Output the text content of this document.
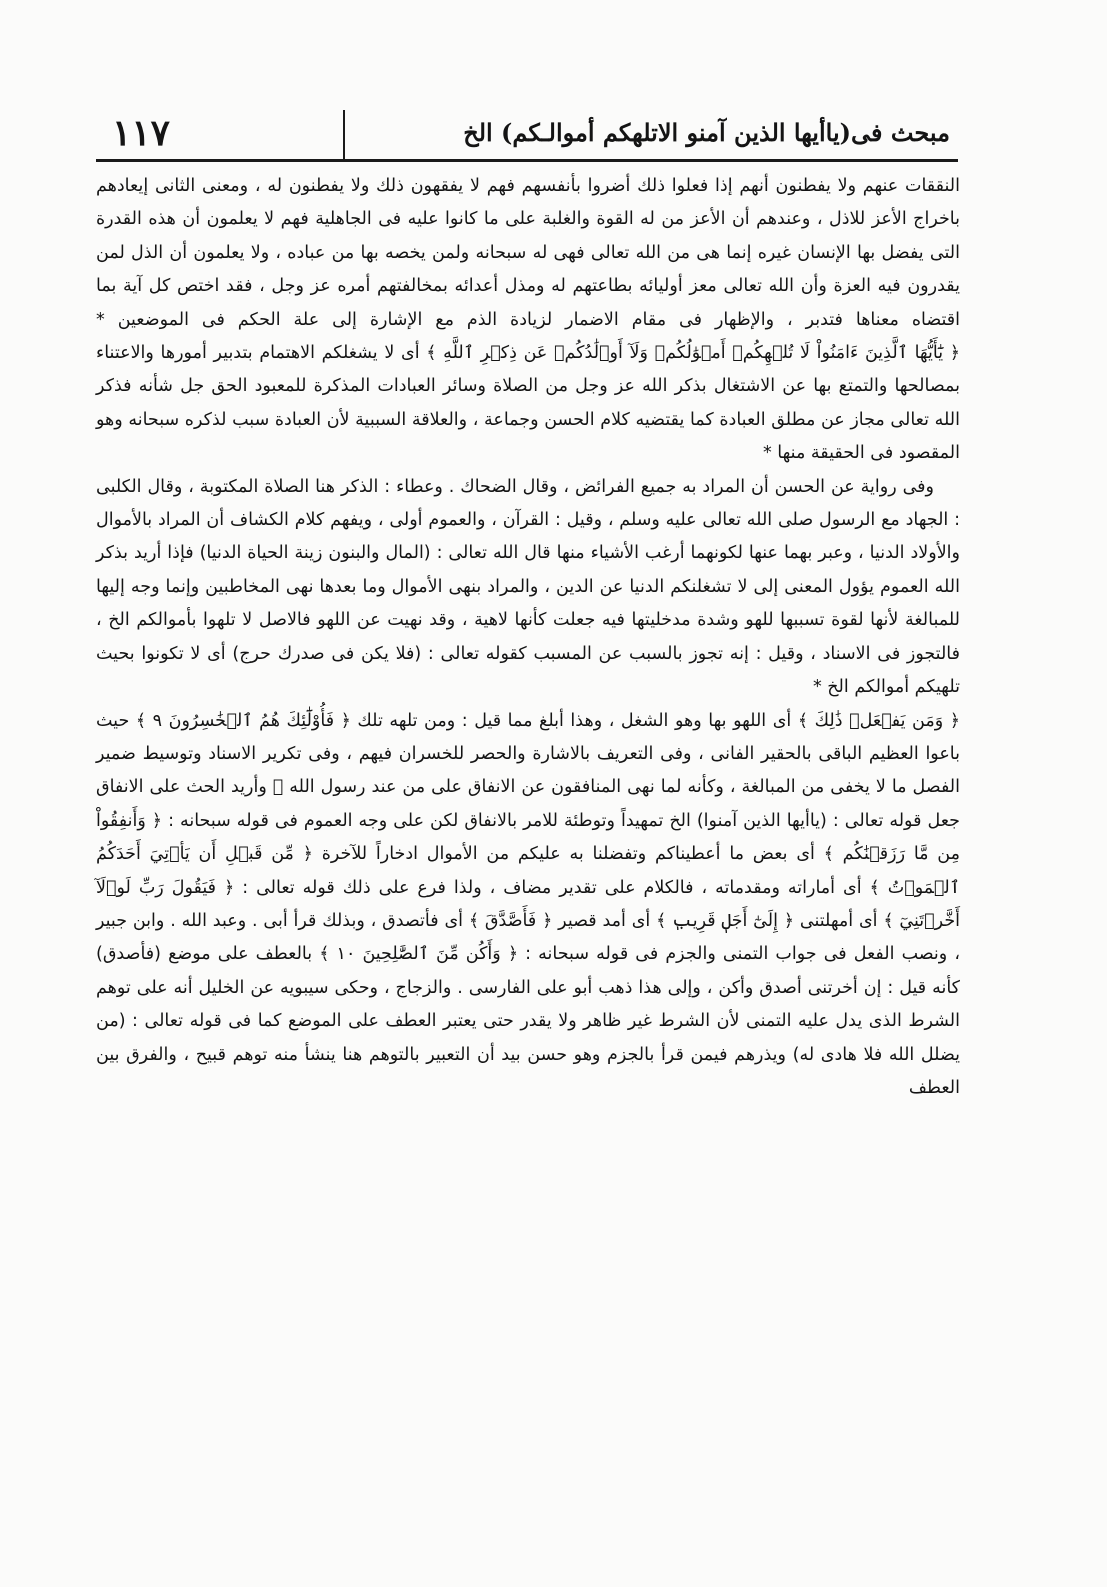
١١٧	مبحث فى(ياأيها الذين آمنو الاتلهكم أموالـكم) الخ

النققات عنهم ولا يفطنون أنهم إذا فعلوا ذلك أضروا بأنفسهم فهم لا يفقهون ذلك ولا يفطنون له ، ومعنى الثانى إيعادهم باخراج الأعز للاذل ، وعندهم أن الأعز من له القوة والغلبة على ما كانوا عليه فى الجاهلية فهم لا يعلمون أن هذه القدرة التى يفضل بها الإنسان غيره إنما هى من الله تعالى فهى له سبحانه ولمن يخصه بها من عباده ، ولا يعلمون أن الذل لمن يقدرون فيه العزة وأن الله تعالى معز أوليائه بطاعتهم له ومذل أعدائه بمخالفتهم أمره عز وجل ، فقد اختص كل آية بما اقتضاه معناها فتدبر ، والإظهار فى مقام الاضمار لزيادة الذم مع الإشارة إلى علة الحكم فى الموضعين *

﴿ يَٰٓأَيُّهَا ٱلَّذِينَ ءَامَنُواْ لَا تُلۡهِكُمۡ أَمۡوَٰلُكُمۡ وَلَآ أَوۡلَٰدُكُمۡ عَن ذِكۡرِ ٱللَّهِ ﴾ أى لا يشغلكم الاهتمام بتدبير أمورها والاعتناء بمصالحها والتمتع بها عن الاشتغال بذكر الله عز وجل من الصلاة وسائر العبادات المذكرة للمعبود الحق جل شأنه فذكر الله تعالى مجاز عن مطلق العبادة كما يقتضيه كلام الحسن وجماعة ، والعلاقة السببية لأن العبادة سبب لذكره سبحانه وهو المقصود فى الحقيقة منها *

وفى رواية عن الحسن أن المراد به جميع الفرائض ، وقال الضحاك . وعطاء : الذكر هنا الصلاة المكتوبة ، وقال الكلبى : الجهاد مع الرسول صلى الله تعالى عليه وسلم ، وقيل : القرآن ، والعموم أولى ، ويفهم كلام الكشاف أن المراد بالأموال والأولاد الدنيا ، وعبر بهما عنها لكونهما أرغب الأشياء منها قال الله تعالى : (المال والبنون زينة الحياة الدنيا) فإذا أريد بذكر الله العموم يؤول المعنى إلى لا تشغلنكم الدنيا عن الدين ، والمراد بنهى الأموال وما بعدها نهى المخاطبين وإنما وجه إليها للمبالغة لأنها لقوة تسببها للهو وشدة مدخليتها فيه جعلت كأنها لاهية ، وقد نهيت عن اللهو فالاصل لا تلهوا بأموالكم الخ ، فالتجوز فى الاسناد ، وقيل : إنه تجوز بالسبب عن المسبب كقوله تعالى : (فلا يكن فى صدرك حرج) أى لا تكونوا بحيث تلهيكم أموالكم الخ *

﴿ وَمَن يَفۡعَلۡ ذَٰلِكَ ﴾ أى اللهو بها وهو الشغل ، وهذا أبلغ مما قيل : ومن تلهه تلك ﴿ فَأُوْلَٰٓئِكَ هُمُ ٱلۡخَٰسِرُونَ ٩ ﴾ حيث باعوا العظيم الباقى بالحقير الفانى ، وفى التعريف بالاشارة والحصر للخسران فيهم ، وفى تكرير الاسناد وتوسيط ضمير الفصل ما لا يخفى من المبالغة ، وكأنه لما نهى المنافقون عن الانفاق على من عند رسول الله ﷺ وأريد الحث على الانفاق جعل قوله تعالى : (ياأيها الذين آمنوا) الخ تمهيداً وتوطئة للامر بالانفاق لكن على وجه العموم فى قوله سبحانه : ﴿ وَأَنفِقُواْ مِن مَّا رَزَقۡنَٰكُم ﴾ أى بعض ما أعطيناكم وتفضلنا به عليكم من الأموال ادخاراً للآخرة ﴿ مِّن قَبۡلِ أَن يَأۡتِيَ أَحَدَكُمُ ٱلۡمَوۡتُ ﴾ أى أماراته ومقدماته ، فالكلام على تقدير مضاف ، ولذا فرع على ذلك قوله تعالى : ﴿ فَيَقُولَ رَبِّ لَوۡلَآ أَخَّرۡتَنِيٓ ﴾ أى أمهلتنى ﴿ إِلَىٰٓ أَجَلٖ قَرِيبٖ ﴾ أى أمد قصير ﴿ فَأَصَّدَّقَ ﴾ أى فأتصدق ، وبذلك قرأ أبى . وعبد الله . وابن جبير ، ونصب الفعل فى جواب التمنى والجزم فى قوله سبحانه : ﴿ وَأَكُن مِّنَ ٱلصَّٰلِحِينَ ١٠ ﴾ بالعطف على موضع (فأصدق) كأنه قيل : إن أخرتنى أصدق وأكن ، وإلى هذا ذهب أبو على الفارسى . والزجاج ، وحكى سيبويه عن الخليل أنه على توهم الشرط الذى يدل عليه التمنى لأن الشرط غير ظاهر ولا يقدر حتى يعتبر العطف على الموضع كما فى قوله تعالى : (من يضلل الله فلا هادى له) ويذرهم فيمن قرأ بالجزم وهو حسن بيد أن التعبير بالتوهم هنا ينشأ منه توهم قبيح ، والفرق بين العطف
